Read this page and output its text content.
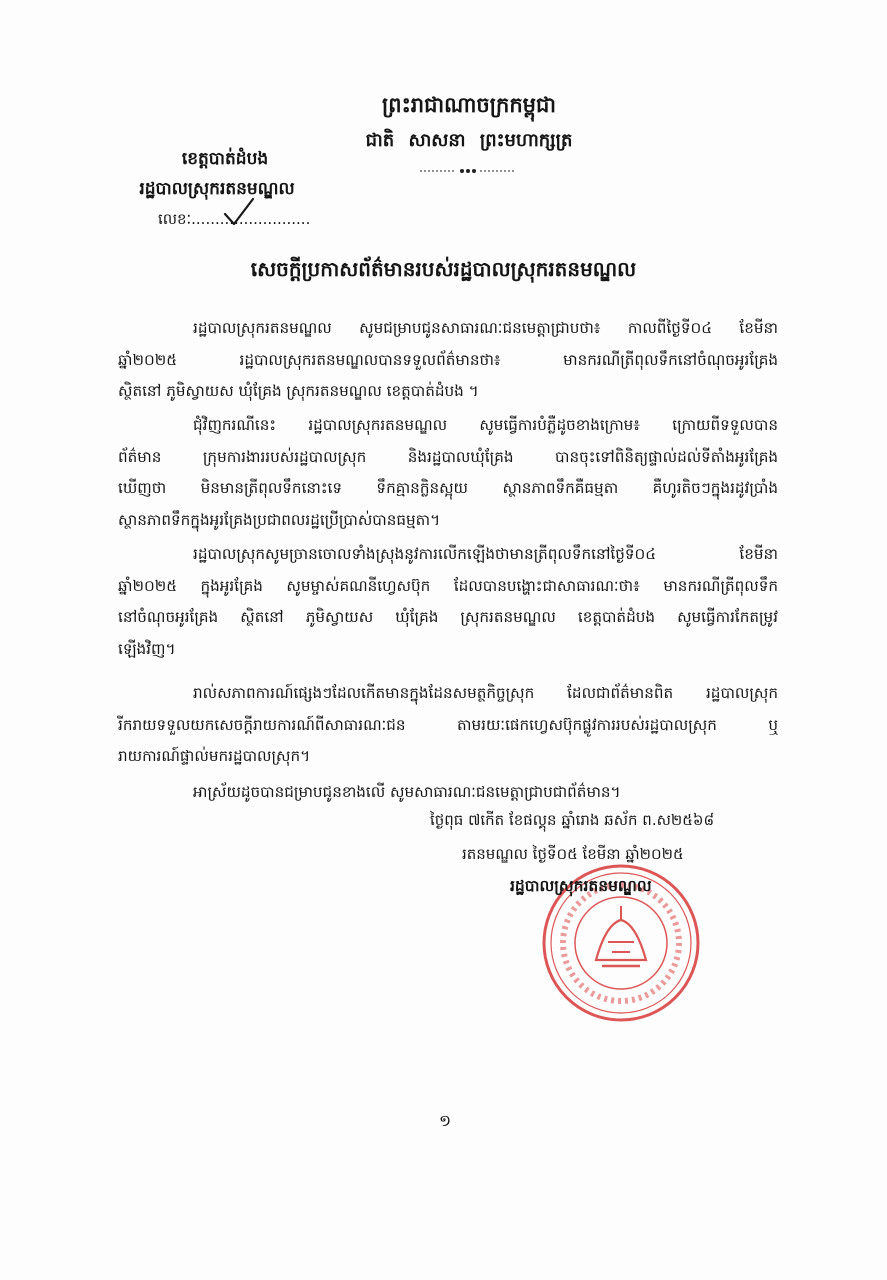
ព្រះរាជាណាចក្រកម្ពុជា
ជាតិ សាសនា ព្រះមហាក្សត្រ
ខេត្តបាត់ដំបង
រដ្ឋបាលស្រុករតនមណ្ឌល
លេខៈ.........................
សេចក្តីប្រកាសព័ត៌មានរបស់រដ្ឋបាលស្រុករតនមណ្ឌល
រដ្ឋបាលស្រុករតនមណ្ឌល សូមជម្រាបជូនសាធារណៈជនមេត្តាជ្រាបថា៖ កាលពីថ្ងៃទី០៤ ខែមីនា
ឆ្នាំ២០២៥ រដ្ឋបាលស្រុករតនមណ្ឌលបានទទួលព័ត៌មានថា៖ មានករណីត្រីពុលទឹកនៅចំណុចអូរគ្រែង
ស្ថិតនៅ ភូមិស្វាយស ឃុំគ្រែង ស្រុករតនមណ្ឌល ខេត្តបាត់ដំបង ។
ជុំវិញករណីនេះ រដ្ឋបាលស្រុករតនមណ្ឌល សូមធ្វើការបំភ្លឺដូចខាងក្រោម៖ ក្រោយពីទទួលបាន
ព័ត៌មាន ក្រុមការងាររបស់រដ្ឋបាលស្រុក និងរដ្ឋបាលឃុំគ្រែង បានចុះទៅពិនិត្យផ្ទាល់ដល់ទីតាំងអូរគ្រែង
ឃើញថា មិនមានត្រីពុលទឹកនោះទេ ទឹកគ្មានក្លិនស្អុយ ស្ថានភាពទឹកគឺធម្មតា គឺហូរតិចៗក្នុងរដូវប្រាំង
ស្ថានភាពទឹកក្នុងអូរគ្រែងប្រជាពលរដ្ឋប្រើប្រាស់បានធម្មតា។
រដ្ឋបាលស្រុកសូមច្រានចោលទាំងស្រុងនូវការលើកឡើងថាមានត្រីពុលទឹកនៅថ្ងៃទី០៤ ខែមីនា
ឆ្នាំ២០២៥ ក្នុងអូរគ្រែង សូមម្ចាស់គណនីហ្វេសប៊ុក ដែលបានបង្ហោះជាសាធារណៈថា៖ មានករណីត្រីពុលទឹក
នៅចំណុចអូរគ្រែង ស្ថិតនៅ ភូមិស្វាយស ឃុំគ្រែង ស្រុករតនមណ្ឌល ខេត្តបាត់ដំបង សូមធ្វើការកែតម្រូវ
ឡើងវិញ។
រាល់សភាពការណ៍ផ្សេងៗដែលកើតមានក្នុងដែនសមត្ថកិច្ចស្រុក ដែលជាព័ត៌មានពិត រដ្ឋបាលស្រុក
រីករាយទទួលយកសេចក្តីរាយការណ៍ពីសាធារណៈជន តាមរយៈផេកហ្វេសប៊ុកផ្លូវការរបស់រដ្ឋបាលស្រុក ឬ
រាយការណ៍ផ្ទាល់មករដ្ឋបាលស្រុក។
អាស្រ័យដូចបានជម្រាបជូនខាងលើ សូមសាធារណៈជនមេត្តាជ្រាបជាព័ត៌មាន។
ថ្ងៃពុធ ៧កើត ខែផល្គុន ឆ្នាំរោង ឆស័ក ព.ស២៥៦៨
រតនមណ្ឌល ថ្ងៃទី០៥ ខែមីនា ឆ្នាំ២០២៥
រដ្ឋបាលស្រុករតនមណ្ឌល
១
